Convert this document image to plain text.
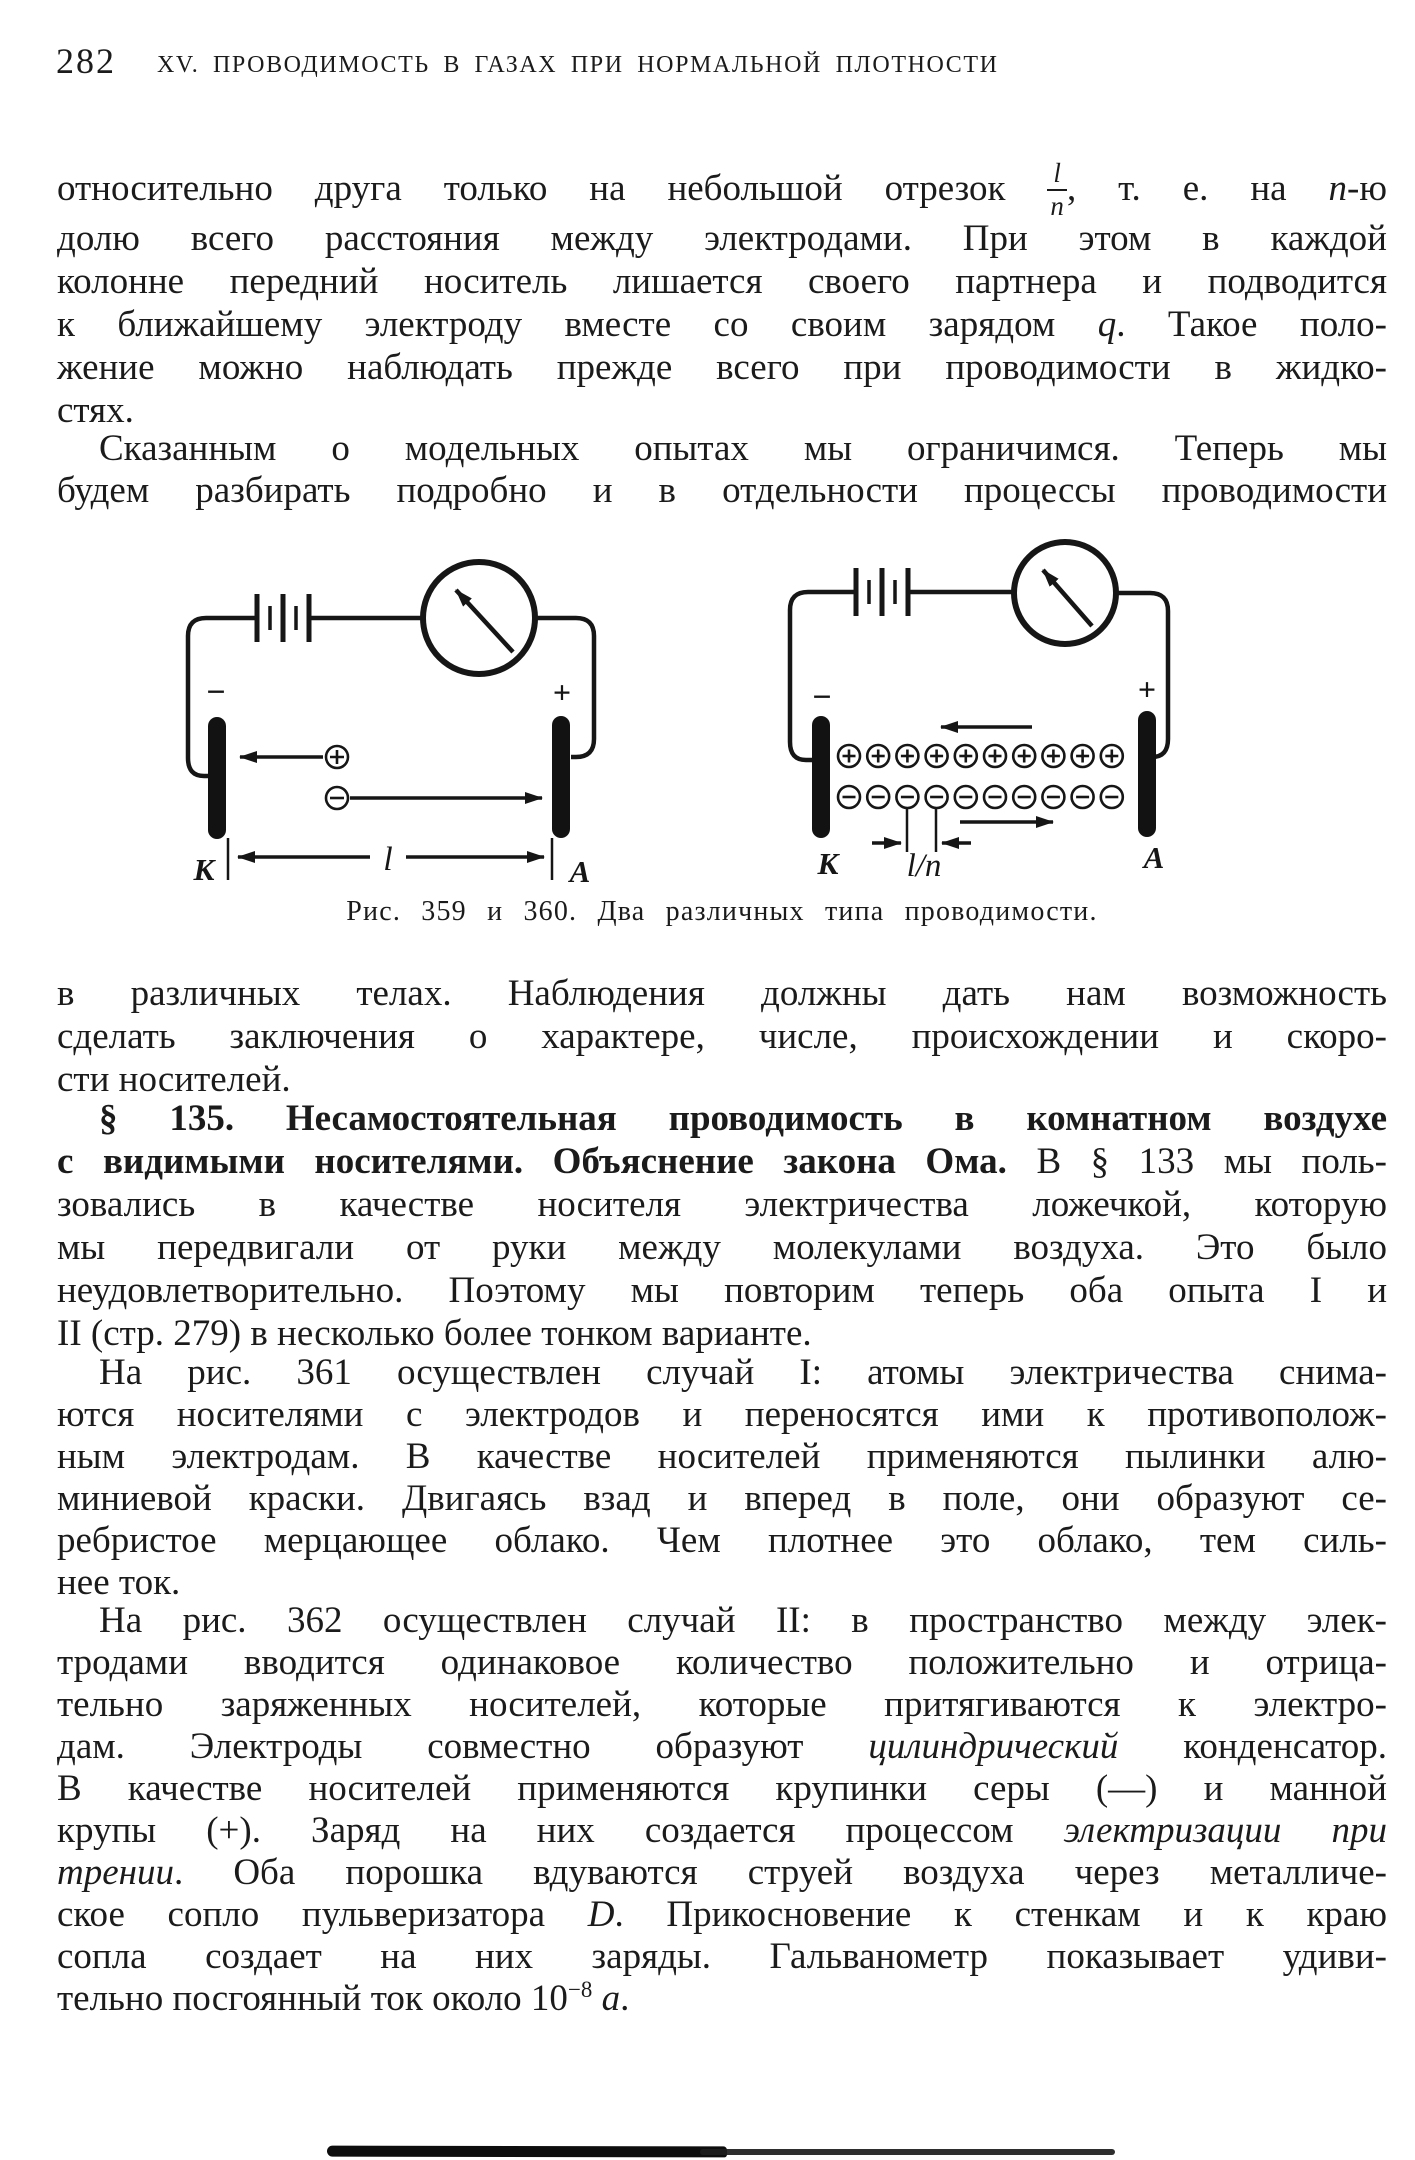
282 XV. ПРОВОДИМОСТЬ В ГАЗАХ ПРИ НОРМАЛЬНОЙ ПЛОТНОСТИ
относительно друга только на небольшой отрезок $\frac{l}{n}$ , т. е. на n-ю
долю всего расстояния между электродами. При этом в каждой
колонне передний носитель лишается своего партнера и подводится
к ближайшему электроду вместе со своим зарядом q. Такое поло-
жение можно наблюдать прежде всего при проводимости в жидко-
стях.
Сказанным о модельных опытах мы ограничимся. Теперь мы
будем разбирать подробно и в отдельности процессы проводимости
в различных телах. Наблюдения должны дать нам возможность
сделать заключения о характере, числе, происхождении и скоро-
сти носителей.
§ 135. Несамостоятельная проводимость в комнатном воздухе
с видимыми носителями. Объяснение закона Ома. В § 133 мы поль-
зовались в качестве носителя электричества ложечкой, которую
мы передвигали от руки между молекулами воздуха. Это было
неудовлетворительно. Поэтому мы повторим теперь оба опыта I и
II (стр. 279) в несколько более тонком варианте.
На рис. 361 осуществлен случай I: атомы электричества снима-
ются носителями с электродов и переносятся ими к противополож-
ным электродам. В качестве носителей применяются пылинки алю-
миниевой краски. Двигаясь взад и вперед в поле, они образуют се-
ребристое мерцающее облако. Чем плотнее это облако, тем силь-
нее ток.
На рис. 362 осуществлен случай II: в пространство между элек-
тродами вводится одинаковое количество положительно и отрица-
тельно заряженных носителей, которые притягиваются к электро-
дам. Электроды совместно образуют цилиндрический конденсатор.
В качестве носителей применяются крупинки серы (—) и манной
крупы (+). Заряд на них создается процессом электризации при
трении. Оба порошка вдуваются струей воздуха через металличе-
ское сопло пульверизатора D. Прикосновение к стенкам и к краю
сопла создает на них заряды. Гальванометр показывает удиви-
тельно посгоянный ток около $10^{-8}$ а.
−	+
l
К	А
−	+
l/n
К	А
Рис. 359 и 360. Два различных типа проводимости.
